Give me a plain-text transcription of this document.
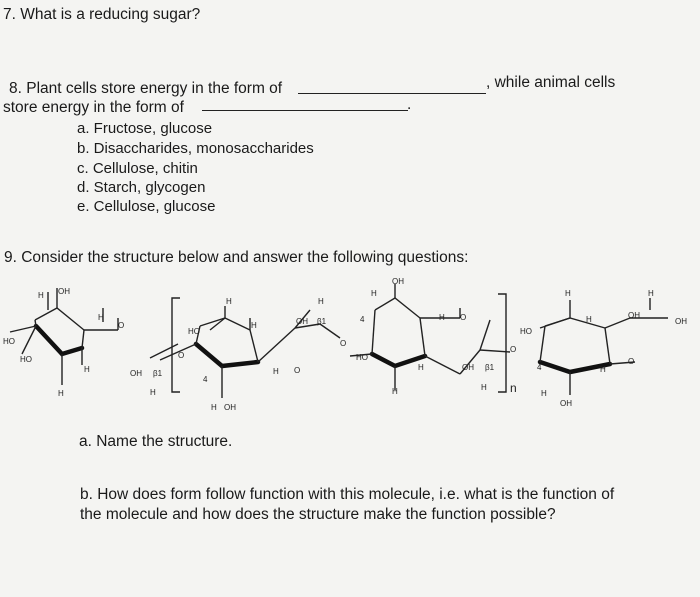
7. What is a reducing sugar?
8. Plant cells store energy in the form of	, while animal cells
store energy in the form of	.
a. Fructose, glucose
b. Disaccharides, monosaccharides
c. Cellulose, chitin
d. Starch, glycogen
e. Cellulose, glucose
9. Consider the structure below and answer the following questions:
H OH
H
O
HO
HO
H
H
OH β1
H
O
4
H
HO
H
H
H OH
H
OH β1
O
O
H
OH
4	H O
HO
H	OH β1
H	H
O
n
H
HO
H	OH
H
OH
4	H
O
H
OH
a. Name the structure.
b. How does form follow function with this molecule, i.e. what is the function of
the molecule and how does the structure make the function possible?
